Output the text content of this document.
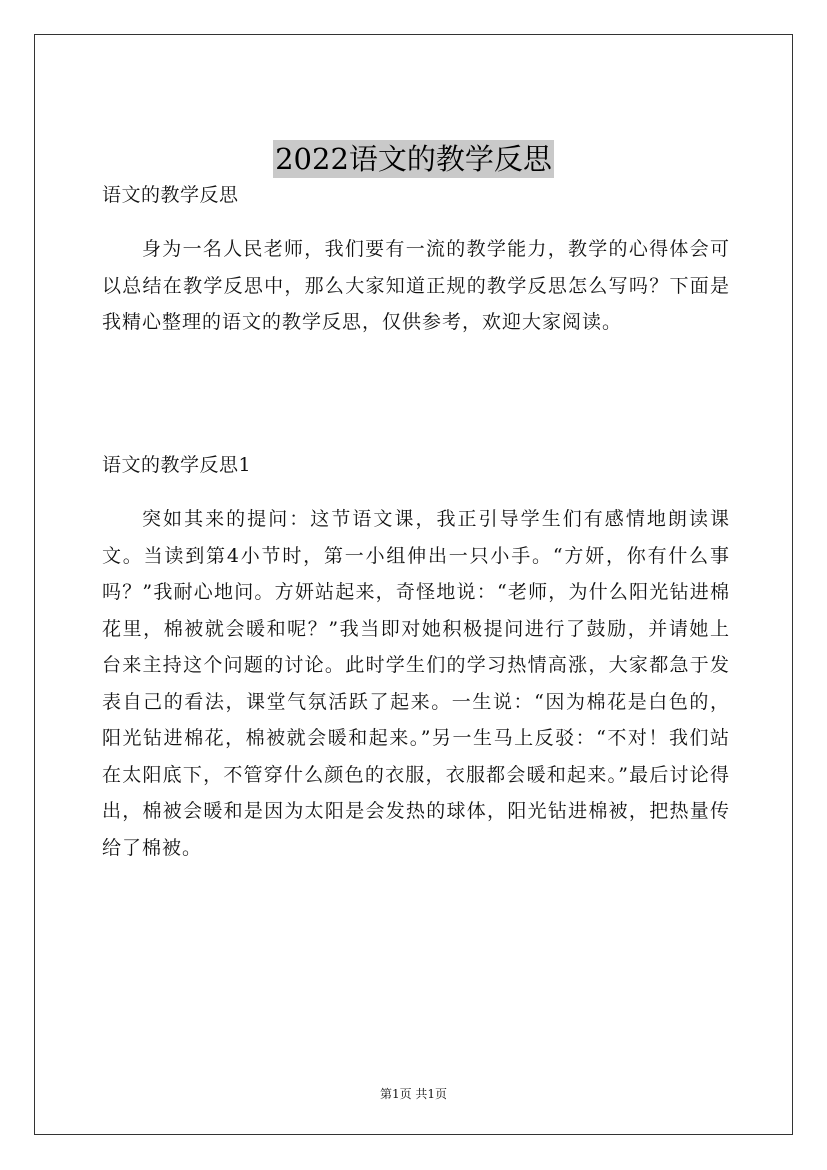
2022语文的教学反思

语文的教学反思

身为一名人民老师，我们要有一流的教学能力，教学的心得体会可以总结在教学反思中，那么大家知道正规的教学反思怎么写吗？下面是我精心整理的语文的教学反思，仅供参考，欢迎大家阅读。

语文的教学反思1

突如其来的提问：这节语文课，我正引导学生们有感情地朗读课文。当读到第4小节时，第一小组伸出一只小手。“方妍，你有什么事吗？”我耐心地问。方妍站起来，奇怪地说：“老师，为什么阳光钻进棉花里，棉被就会暖和呢？”我当即对她积极提问进行了鼓励，并请她上台来主持这个问题的讨论。此时学生们的学习热情高涨，大家都急于发表自己的看法，课堂气氛活跃了起来。一生说：“因为棉花是白色的，阳光钻进棉花，棉被就会暖和起来。”另一生马上反驳：“不对！我们站在太阳底下，不管穿什么颜色的衣服，衣服都会暖和起来。”最后讨论得出，棉被会暖和是因为太阳是会发热的球体，阳光钻进棉被，把热量传给了棉被。

第1页 共1页
